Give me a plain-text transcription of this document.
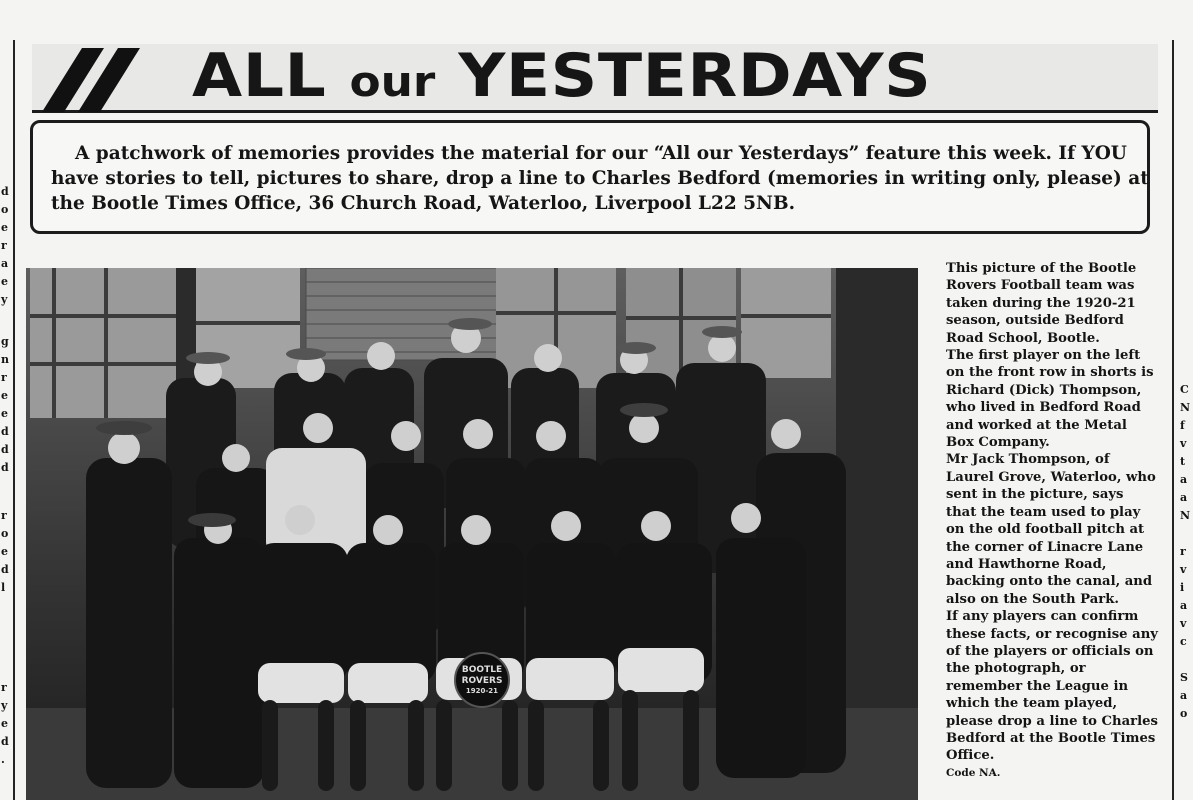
d
o
e
r
a
e
y
g
n
r
e
e
d
d
d
r
o
e
d
l
r
y
e
d
.
C
N
f
v
t
a
a
N
r
v
i
a
v
c
S
a
o
ALL our YESTERDAYS
A patchwork of memories provides the material for our “All our Yesterdays” feature this week. If YOU
have stories to tell, pictures to share, drop a line to Charles Bedford (memories in writing only, please) at
the Bootle Times Office, 36 Church Road, Waterloo, Liverpool L22 5NB.
BOOTLE
ROVERS
1920-21

This picture of the Bootle Rovers Football team was taken during the 1920-21 season, outside Bedford Road School, Bootle.

The first player on the left on the front row in shorts is Richard (Dick) Thompson, who lived in Bedford Road and worked at the Metal Box Company.

Mr Jack Thompson, of Laurel Grove, Waterloo, who sent in the picture, says that the team used to play on the old football pitch at the corner of Linacre Lane and Hawthorne Road, backing onto the canal, and also on the South Park.

If any players can confirm these facts, or recognise any of the players or officials on the photograph, or remember the League in which the team played, please drop a line to Charles Bedford at the Bootle Times Office.

Code NA.
